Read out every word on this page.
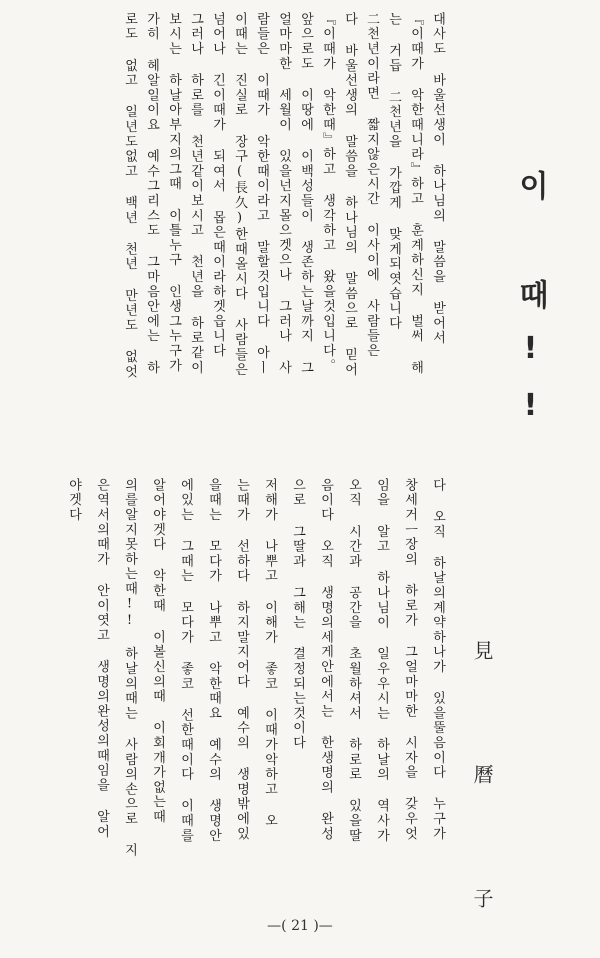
이 때!!
見 曆 子
대사도 바울선생이 하나님의 말씀을 받어서
『이때가 악한때니라』하고 훈계하신지 벌써 해
는 거듭 二천년을 가깝게 맞게되엿습니다
二천년이라면 짧지않은시간 이사이에 사람들은
다 바울선생의 말씀을 하나님의 말씀으로 믿어
『이때가 악한때』하고 생각하고 왔을것입니다。
앞으로도 이땅에 이백성들이 생존하는날까지 그
얼마마한 세월이 있을넌지몰으겟으나 그러나 사
람들은 이때가 악한때이라고 말할것입니다 아ㅣ
이때는 진실로 장구(長久)한때올시다 사람들은
넘어나 긴이때가 되여서 몹은때이라하겟읍니다
그러나 하로를 천년같이보시고 천년을 하로같이
보시는 하날아부지의그때 이틀누구 인생그누구가
가히 헤알일이요 예수그리스도 그마음안에는 하
로도 없고 일년도없고 백년 천년 만년도 없엇
—( 21 )—
다 오직 하날의계약하나가 있을뚤음이다 누구가
창세거ㅡ장의 하로가 그얼마마한 시자을 갖우엇
임을 알고 하나님이 일우우시는 하날의 역사가
오직 시간과 공간을 초월하셔서 하로로 있을딸
음이다 오직 생명의세게안에서는 한생명의 완성
으로 그딸과 그해는 결정되는것이다
저해가 나뿌고 이해가 좋코 이때가악하고 오
는때가 선하다 하지말지어다 예수의 생명밖에있
을때는 모다가 나뿌고 악한때요 예수의 생명안
에있는 그때는 모다가 좋코 선한때이다 이때를
알어야겟다 악한때 이볼신의때 이회개가없는때
의를알지못하는때!! 하날의때는 사람의손으로 지
은역서의때가 안이엿고 생명의완성의때임을 알어
야겟다
